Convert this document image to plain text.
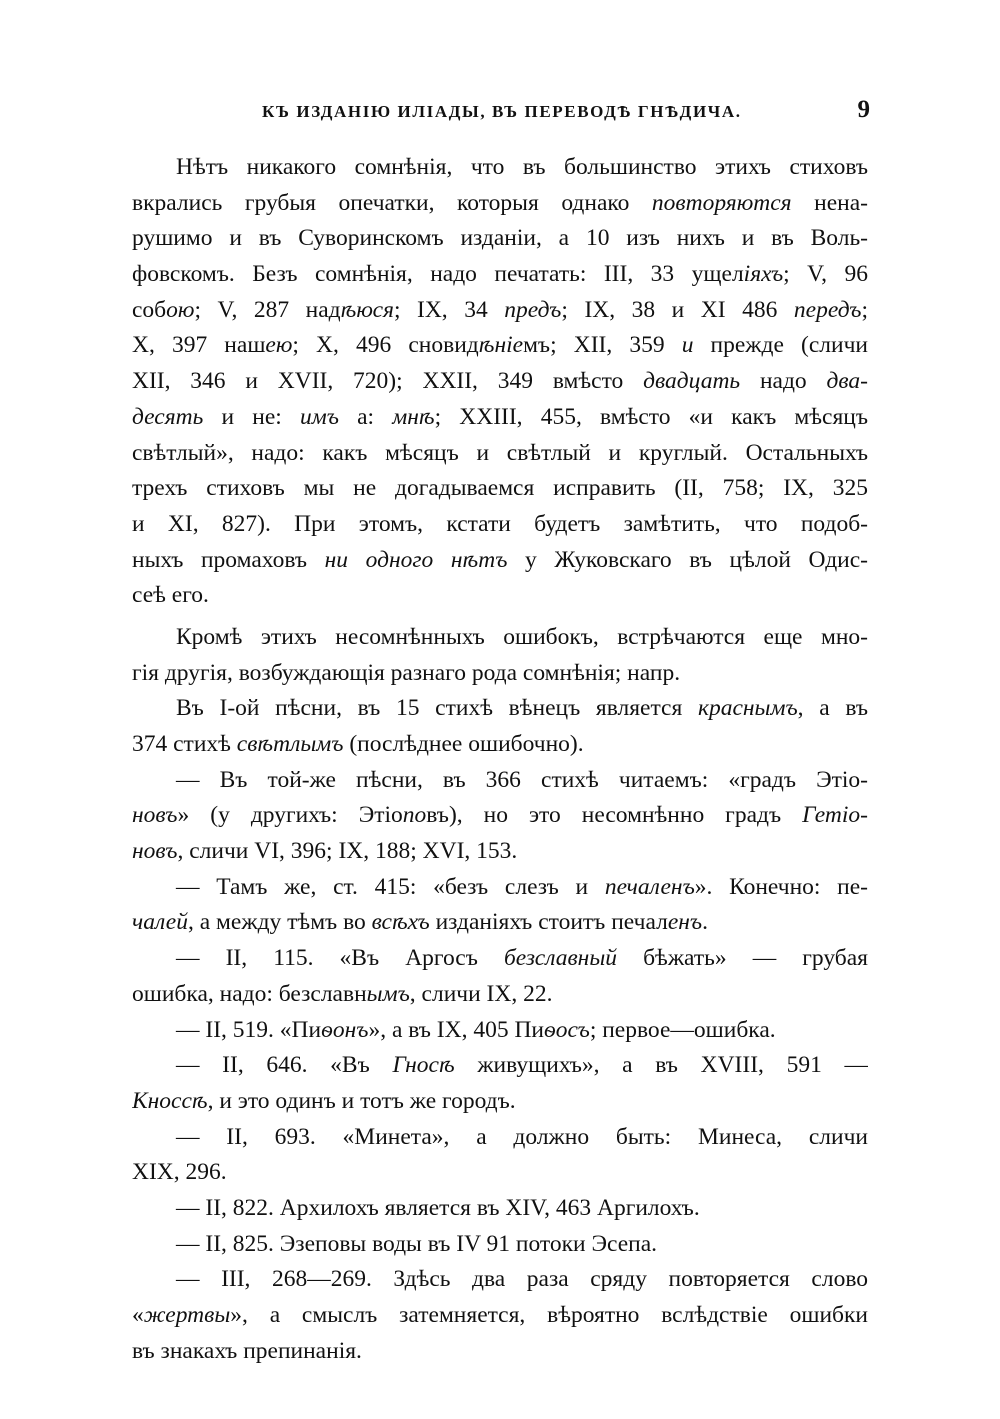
КЪ ИЗДАНІЮ ИЛІАДЫ, ВЪ ПЕРЕВОДѢ ГНѢДИЧА.	9
Нѣтъ никакого сомнѣнія, что въ большинство этихъ стиховъ
вкрались грубыя опечатки, которыя однако повторяются нена-
рушимо и въ Суворинскомъ изданіи, а 10 изъ нихъ и въ Воль-
фовскомъ. Безъ сомнѣнія, надо печатать: III, 33 ущеліяхъ; V, 96
собою; V, 287 надѣюся; IX, 34 предъ; IX, 38 и XI 486 передъ;
X, 397 нашею; X, 496 сновидѣніемъ; XII, 359 и прежде (сличи
XII, 346 и XVII, 720); XXII, 349 вмѣсто двадцать надо два-
десять и не: имъ а: мнѣ; XXIII, 455, вмѣсто «и какъ мѣсяцъ
свѣтлый», надо: какъ мѣсяцъ и свѣтлый и круглый. Остальныхъ
трехъ стиховъ мы не догадываемся исправить (II, 758; IX, 325
и XI, 827). При этомъ, кстати будетъ замѣтить, что подоб-
ныхъ промаховъ ни одного нѣтъ у Жуковскаго въ цѣлой Одис-
сеѣ его.
Кромѣ этихъ несомнѣнныхъ ошибокъ, встрѣчаются еще мно-
гія другія, возбуждающія разнаго рода сомнѣнія; напр.
Въ I-ой пѣсни, въ 15 стихѣ вѣнецъ является краснымъ, а въ
374 стихѣ свѣтлымъ (послѣднее ошибочно).
— Въ той-же пѣсни, въ 366 стихѣ читаемъ: «градъ Этіо-
новъ» (у другихъ: Этіоповъ), но это несомнѣнно градъ Гетіо-
новъ, сличи VI, 396; IX, 188; XVI, 153.
— Тамъ же, ст. 415: «безъ слезъ и печаленъ». Конечно: пе-
чалей, а между тѣмъ во всѣхъ изданіяхъ стоитъ печаленъ.
— II, 115. «Въ Аргосъ безславный бѣжать» — грубая
ошибка, надо: безславнымъ, сличи IX, 22.
— II, 519. «Пиѳонъ», а въ IX, 405 Пиѳосъ; первое—ошибка.
— II, 646. «Въ Гносѣ живущихъ», а въ XVIII, 591 —
Кноссѣ, и это одинъ и тотъ же городъ.
— II, 693. «Минета», а должно быть: Минеса, сличи
XIX, 296.
— II, 822. Архилохъ является въ XIV, 463 Аргилохъ.
— II, 825. Эзеповы воды въ IV 91 потоки Эсепа.
— III, 268—269. Здѣсь два раза сряду повторяется слово
«жертвы», а смыслъ затемняется, вѣроятно вслѣдствіе ошибки
въ знакахъ препинанія.
